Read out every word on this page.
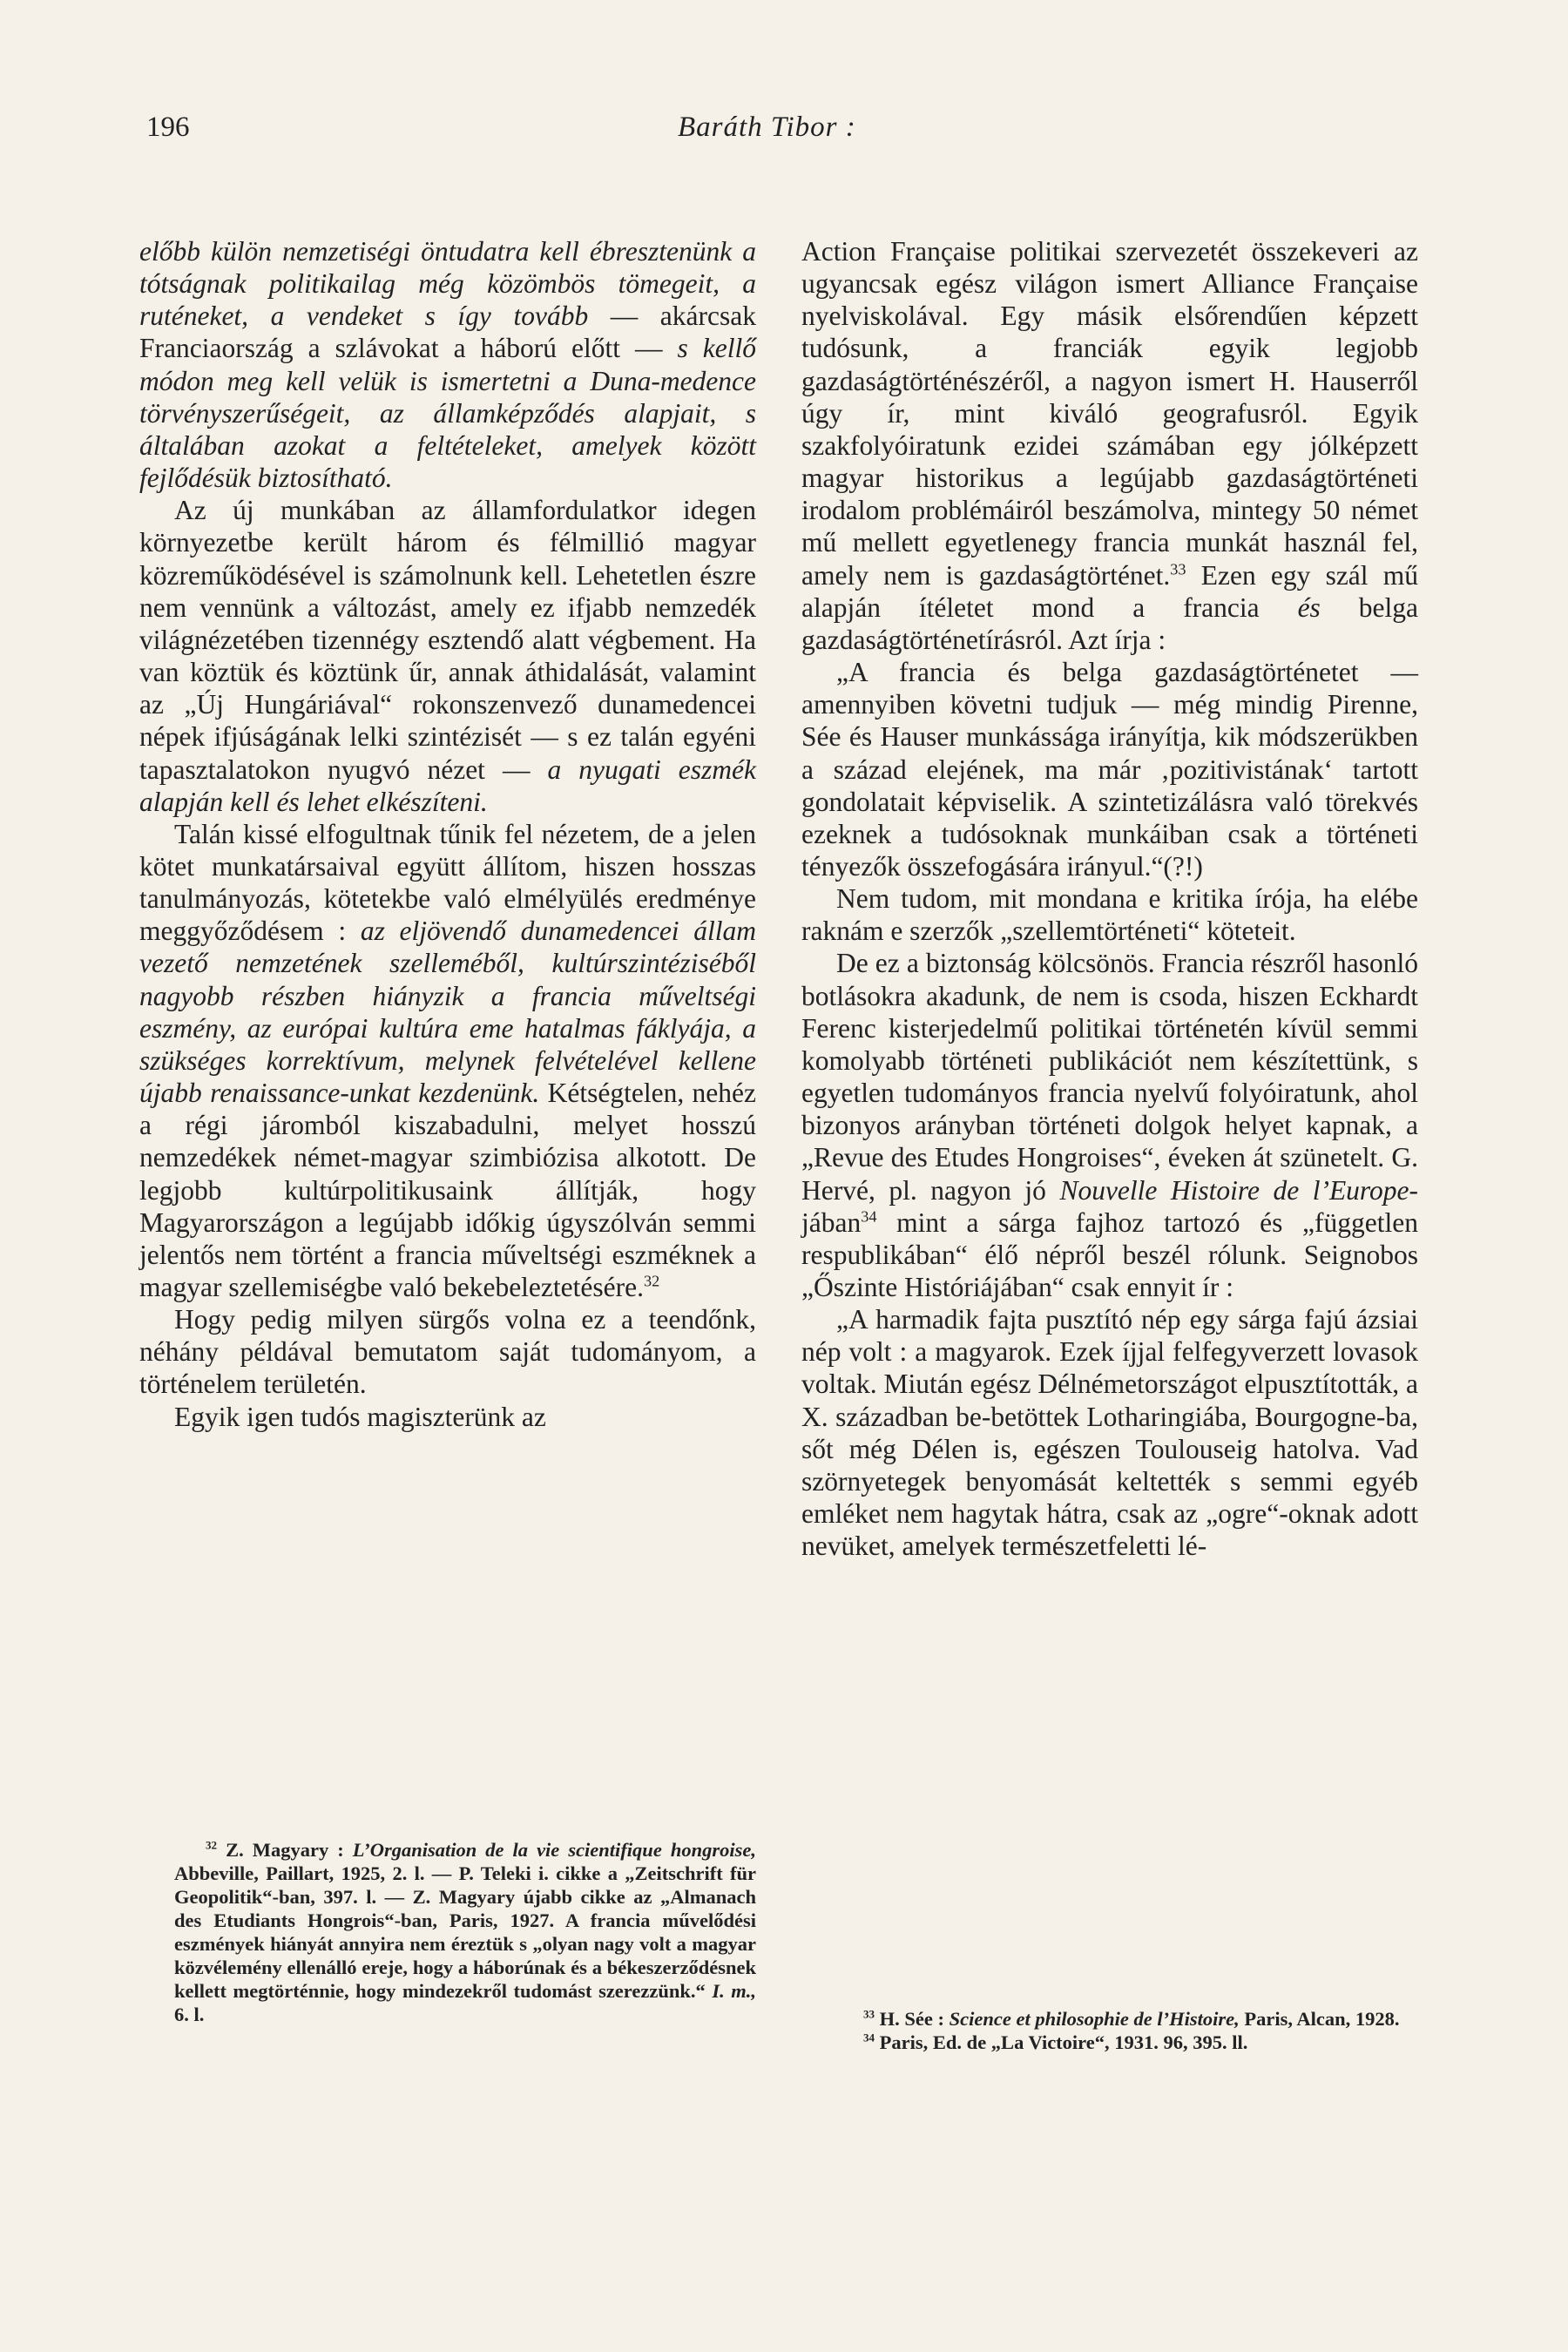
196	Baráth Tibor :

előbb külön nemzetiségi öntudatra kell ébresztenünk a tótságnak politikailag még közömbös tömegeit, a ruténeket, a vendeket s így tovább — akárcsak Franciaország a szlávokat a háború előtt — s kellő módon meg kell velük is ismertetni a Duna-medence törvényszerűségeit, az államképződés alapjait, s általában azokat a feltételeket, amelyek között fejlődésük biztosítható.

Az új munkában az államfordulatkor idegen környezetbe került három és félmillió magyar közreműködésével is számolnunk kell. Lehetetlen észre nem vennünk a változást, amely ez ifjabb nemzedék világnézetében tizennégy esztendő alatt végbement. Ha van köztük és köztünk űr, annak áthidalását, valamint az „Új Hungáriával“ rokonszenvező dunamedencei népek ifjúságának lelki szintézisét — s ez talán egyéni tapasztalatokon nyugvó nézet — a nyugati eszmék alapján kell és lehet elkészíteni.

Talán kissé elfogultnak tűnik fel nézetem, de a jelen kötet munkatársaival együtt állítom, hiszen hosszas tanulmányozás, kötetekbe való elmélyülés eredménye meggyőződésem : az eljövendő dunamedencei állam vezető nemzetének szelleméből, kultúrszintéziséből nagyobb részben hiányzik a francia műveltségi eszmény, az európai kultúra eme hatalmas fáklyája, a szükséges korrektívum, melynek felvételével kellene újabb renaissance-unkat kezdenünk. Kétségtelen, nehéz a régi járomból kiszabadulni, melyet hosszú nemzedékek német-magyar szimbiózisa alkotott. De legjobb kultúrpolitikusaink állítják, hogy Magyarországon a legújabb időkig úgyszólván semmi jelentős nem történt a francia műveltségi eszméknek a magyar szellemiségbe való bekebeleztetésére.$^{32}$

Hogy pedig milyen sürgős volna ez a teendőnk, néhány példával bemutatom saját tudományom, a történelem területén.

Egyik igen tudós magiszterünk az

Action Française politikai szervezetét összekeveri az ugyancsak egész világon ismert Alliance Française nyelviskolával. Egy másik elsőrendűen képzett tudósunk, a franciák egyik legjobb gazdaságtörténészéről, a nagyon ismert H. Hauserről úgy ír, mint kiváló geografusról. Egyik szakfolyóiratunk ezidei számában egy jólképzett magyar historikus a legújabb gazdaságtörténeti irodalom problémáiról beszámolva, mintegy 50 német mű mellett egyetlenegy francia munkát használ fel, amely nem is gazdaságtörténet.$^{33}$ Ezen egy szál mű alapján ítéletet mond a francia és belga gazdaságtörténetírásról. Azt írja :

„A francia és belga gazdaságtörténetet — amennyiben követni tudjuk — még mindig Pirenne, Sée és Hauser munkássága irányítja, kik módszerükben a század elejének, ma már ‚pozitivistának‘ tartott gondolatait képviselik. A szintetizálásra való törekvés ezeknek a tudósoknak munkáiban csak a történeti tényezők összefogására irányul.“(?!)

Nem tudom, mit mondana e kritika írója, ha elébe raknám e szerzők „szellemtörténeti“ köteteit.

De ez a biztonság kölcsönös. Francia részről hasonló botlásokra akadunk, de nem is csoda, hiszen Eckhardt Ferenc kisterjedelmű politikai történetén kívül semmi komolyabb történeti publikációt nem készítettünk, s egyetlen tudományos francia nyelvű folyóiratunk, ahol bizonyos arányban történeti dolgok helyet kapnak, a „Revue des Etudes Hongroises“, éveken át szünetelt. G. Hervé, pl. nagyon jó Nouvelle Histoire de l’Europe-jában$^{34}$ mint a sárga fajhoz tartozó és „független respublikában“ élő népről beszél rólunk. Seignobos „Őszinte Históriájában“ csak ennyit ír :

„A harmadik fajta pusztító nép egy sárga fajú ázsiai nép volt : a magyarok. Ezek íjjal felfegyverzett lovasok voltak. Miután egész Délnémetországot elpusztították, a X. században be-betöttek Lotharingiába, Bourgogne-ba, sőt még Délen is, egészen Toulouseig hatolva. Vad szörnyetegek benyomását keltették s semmi egyéb emléket nem hagytak hátra, csak az „ogre“-oknak adott nevüket, amelyek természetfeletti lé-

$^{32}$ Z. Magyary : L’Organisation de la vie scientifique hongroise, Abbeville, Paillart, 1925, 2. l. — P. Teleki i. cikke a „Zeitschrift für Geopolitik“-ban, 397. l. — Z. Magyary újabb cikke az „Almanach des Etudiants Hongrois“-ban, Paris, 1927. A francia művelődési eszmények hiányát annyira nem éreztük s „olyan nagy volt a magyar közvélemény ellenálló ereje, hogy a háborúnak és a békeszerződésnek kellett megtörténnie, hogy mindezekről tudomást szerezzünk.“ I. m., 6. l.	$^{33}$ H. Sée : Science et philosophie de l’Histoire, Paris, Alcan, 1928.

$^{34}$ Paris, Ed. de „La Victoire“, 1931. 96, 395. ll.
